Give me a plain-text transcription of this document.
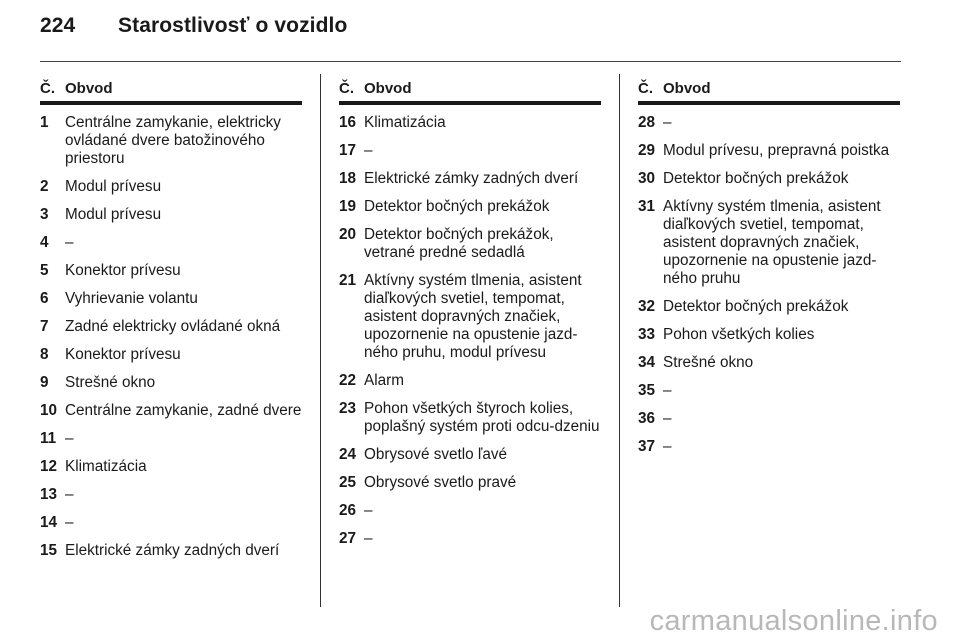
224 Starostlivosť o vozidlo
Č. Obvod
1	Centrálne zamykanie, elektricky ovládané dvere batožinového priestoru
2	Modul prívesu
3	Modul prívesu
4	–
5	Konektor prívesu
6	Vyhrievanie volantu
7	Zadné elektricky ovládané okná
8	Konektor prívesu
9	Strešné okno
10 Centrálne zamykanie, zadné dvere
11 –
12 Klimatizácia
13 –
14 –
15 Elektrické zámky zadných dverí
Č. Obvod
16 Klimatizácia
17 –
18 Elektrické zámky zadných dverí
19 Detektor bočných prekážok
20 Detektor bočných prekážok, vetrané predné sedadlá
21 Aktívny systém tlmenia, asistent diaľkových svetiel, tempomat, asistent dopravných značiek, upozornenie na opustenie jazd-ného pruhu, modul prívesu
22 Alarm
23 Pohon všetkých štyroch kolies, poplašný systém proti odcu-dzeniu
24 Obrysové svetlo ľavé
25 Obrysové svetlo pravé
26 –
27 –
Č. Obvod
28 –
29 Modul prívesu, prepravná poistka
30 Detektor bočných prekážok
31 Aktívny systém tlmenia, asistent diaľkových svetiel, tempomat, asistent dopravných značiek, upozornenie na opustenie jazd-ného pruhu
32 Detektor bočných prekážok
33 Pohon všetkých kolies
34 Strešné okno
35 –
36 –
37 –
carmanualsonline.info
